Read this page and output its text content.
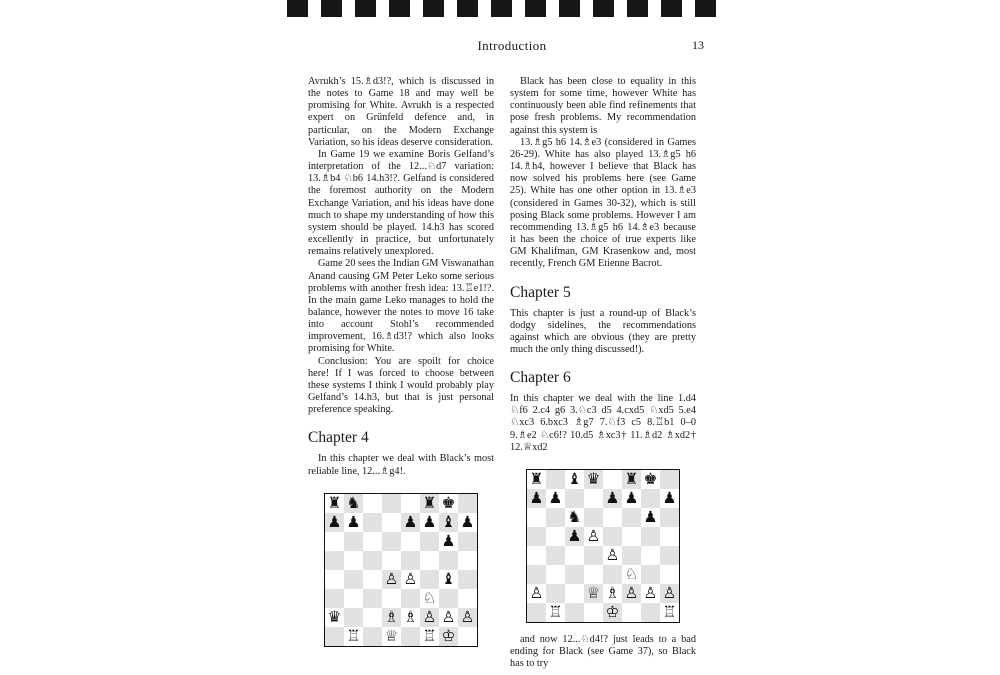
Introduction	13

Avrukh’s 15.♗d3!?, which is discussed in the notes to Game 18 and may well be promising for White. Avrukh is a respected expert on Grünfeld defence and, in particular, on the Modern Exchange Variation, so his ideas deserve consideration.

In Game 19 we examine Boris Gelfand’s interpretation of the 12...♘d7 variation: 13.♗b4 ♘b6 14.h3!?. Gelfand is considered the foremost authority on the Modern Exchange Variation, and his ideas have done much to shape my understanding of how this system should be played. 14.h3 has scored excellently in practice, but unfortunately remains relatively unexplored.

Game 20 sees the Indian GM Viswanathan Anand causing GM Peter Leko some serious problems with another fresh idea: 13.♖e1!?. In the main game Leko manages to hold the balance, however the notes to move 16 take into account Stohl’s recommended improvement, 16.♗d3!? which also looks promising for White.

Conclusion: You are spoilt for choice here! If I was forced to choose between these systems I think I would probably play Gelfand’s 14.h3, but that is just personal preference speaking.

Chapter 4

In this chapter we deal with Black’s most reliable line, 12...♗g4!.

♜ ♞	♜ ♚
♟ ♟	♟ ♟ ♝ ♟
♟
♙ ♙ ♝
♘
♛	♗ ♗ ♙ ♙ ♙
♖ ♕ ♖ ♔

Black has been close to equality in this system for some time, however White has continuously been able find refinements that pose fresh problems. My recommendation against this system is

13.♗g5 h6 14.♗e3 (considered in Games 26-29). White has also played 13.♗g5 h6 14.♗h4, however I believe that Black has now solved his problems here (see Game 25). White has one other option in 13.♗e3 (considered in Games 30-32), which is still posing Black some problems. However I am recommending 13.♗g5 h6 14.♗e3 because it has been the choice of true experts like GM Khalifman, GM Krasenkow and, most recently, French GM Etienne Bacrot.

Chapter 5

This chapter is just a round-up of Black’s dodgy sidelines, the recommendations against which are obvious (they are pretty much the only thing discussed!).

Chapter 6

In this chapter we deal with the line 1.d4 ♘f6 2.c4 g6 3.♘c3 d5 4.cxd5 ♘xd5 5.e4 ♘xc3 6.bxc3 ♗g7 7.♘f3 c5 8.♖b1 0–0 9.♗e2 ♘c6!? 10.d5 ♗xc3† 11.♗d2 ♗xd2† 12.♕xd2

♜ ♝ ♛ ♜ ♚
♟ ♟	♟ ♟ ♟
♞	♟
♟ ♙
♙
♘
♙	♕ ♗ ♙ ♙ ♙
♖	♔	♖

and now 12...♘d4!? just leads to a bad ending for Black (see Game 37), so Black has to try
